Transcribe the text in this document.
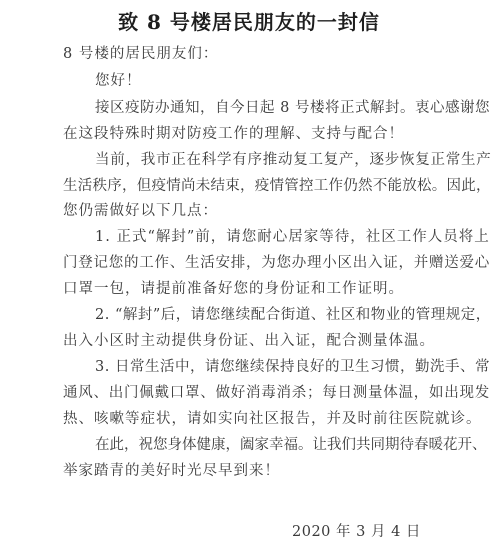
致 8 号楼居民朋友的一封信
8 号楼的居民朋友们：
您好！
接区疫防办通知，自今日起 8 号楼将正式解封。衷心感谢您
在这段特殊时期对防疫工作的理解、支持与配合！
当前，我市正在科学有序推动复工复产，逐步恢复正常生产
生活秩序，但疫情尚未结束，疫情管控工作仍然不能放松。因此，
您仍需做好以下几点：
1. 正式“解封”前，请您耐心居家等待，社区工作人员将上
门登记您的工作、生活安排，为您办理小区出入证，并赠送爱心
口罩一包，请提前准备好您的身份证和工作证明。
2. “解封”后，请您继续配合街道、社区和物业的管理规定，
出入小区时主动提供身份证、出入证，配合测量体温。
3. 日常生活中，请您继续保持良好的卫生习惯，勤洗手、常
通风、出门佩戴口罩、做好消毒消杀；每日测量体温，如出现发
热、咳嗽等症状，请如实向社区报告，并及时前往医院就诊。
在此，祝您身体健康，阖家幸福。让我们共同期待春暖花开、
举家踏青的美好时光尽早到来！
2020 年 3 月 4 日
